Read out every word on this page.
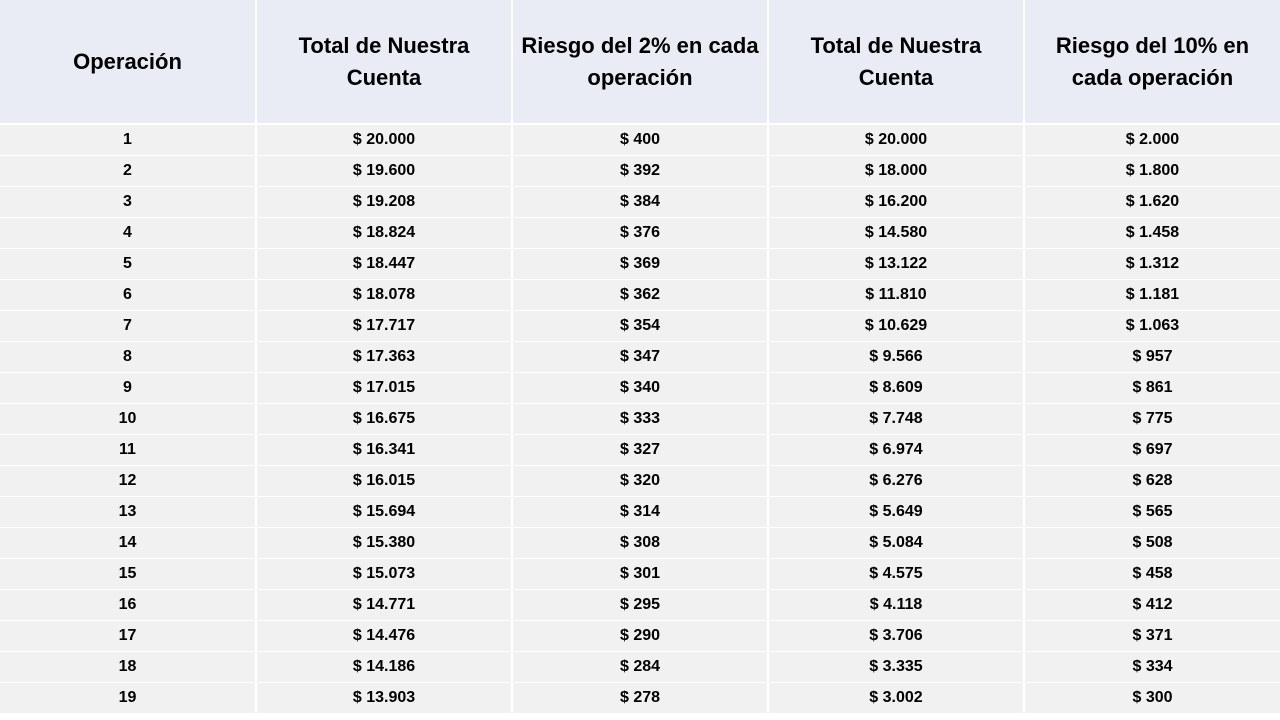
Operación	Total de Nuestra Cuenta	Riesgo del 2% en cada operación	Total de Nuestra Cuenta	Riesgo del 10% en cada operación
1	$ 20.000	$ 400	$ 20.000	$ 2.000
2	$ 19.600	$ 392	$ 18.000	$ 1.800
3	$ 19.208	$ 384	$ 16.200	$ 1.620
4	$ 18.824	$ 376	$ 14.580	$ 1.458
5	$ 18.447	$ 369	$ 13.122	$ 1.312
6	$ 18.078	$ 362	$ 11.810	$ 1.181
7	$ 17.717	$ 354	$ 10.629	$ 1.063
8	$ 17.363	$ 347	$ 9.566	$ 957
9	$ 17.015	$ 340	$ 8.609	$ 861
10	$ 16.675	$ 333	$ 7.748	$ 775
11	$ 16.341	$ 327	$ 6.974	$ 697
12	$ 16.015	$ 320	$ 6.276	$ 628
13	$ 15.694	$ 314	$ 5.649	$ 565
14	$ 15.380	$ 308	$ 5.084	$ 508
15	$ 15.073	$ 301	$ 4.575	$ 458
16	$ 14.771	$ 295	$ 4.118	$ 412
17	$ 14.476	$ 290	$ 3.706	$ 371
18	$ 14.186	$ 284	$ 3.335	$ 334
19	$ 13.903	$ 278	$ 3.002	$ 300
